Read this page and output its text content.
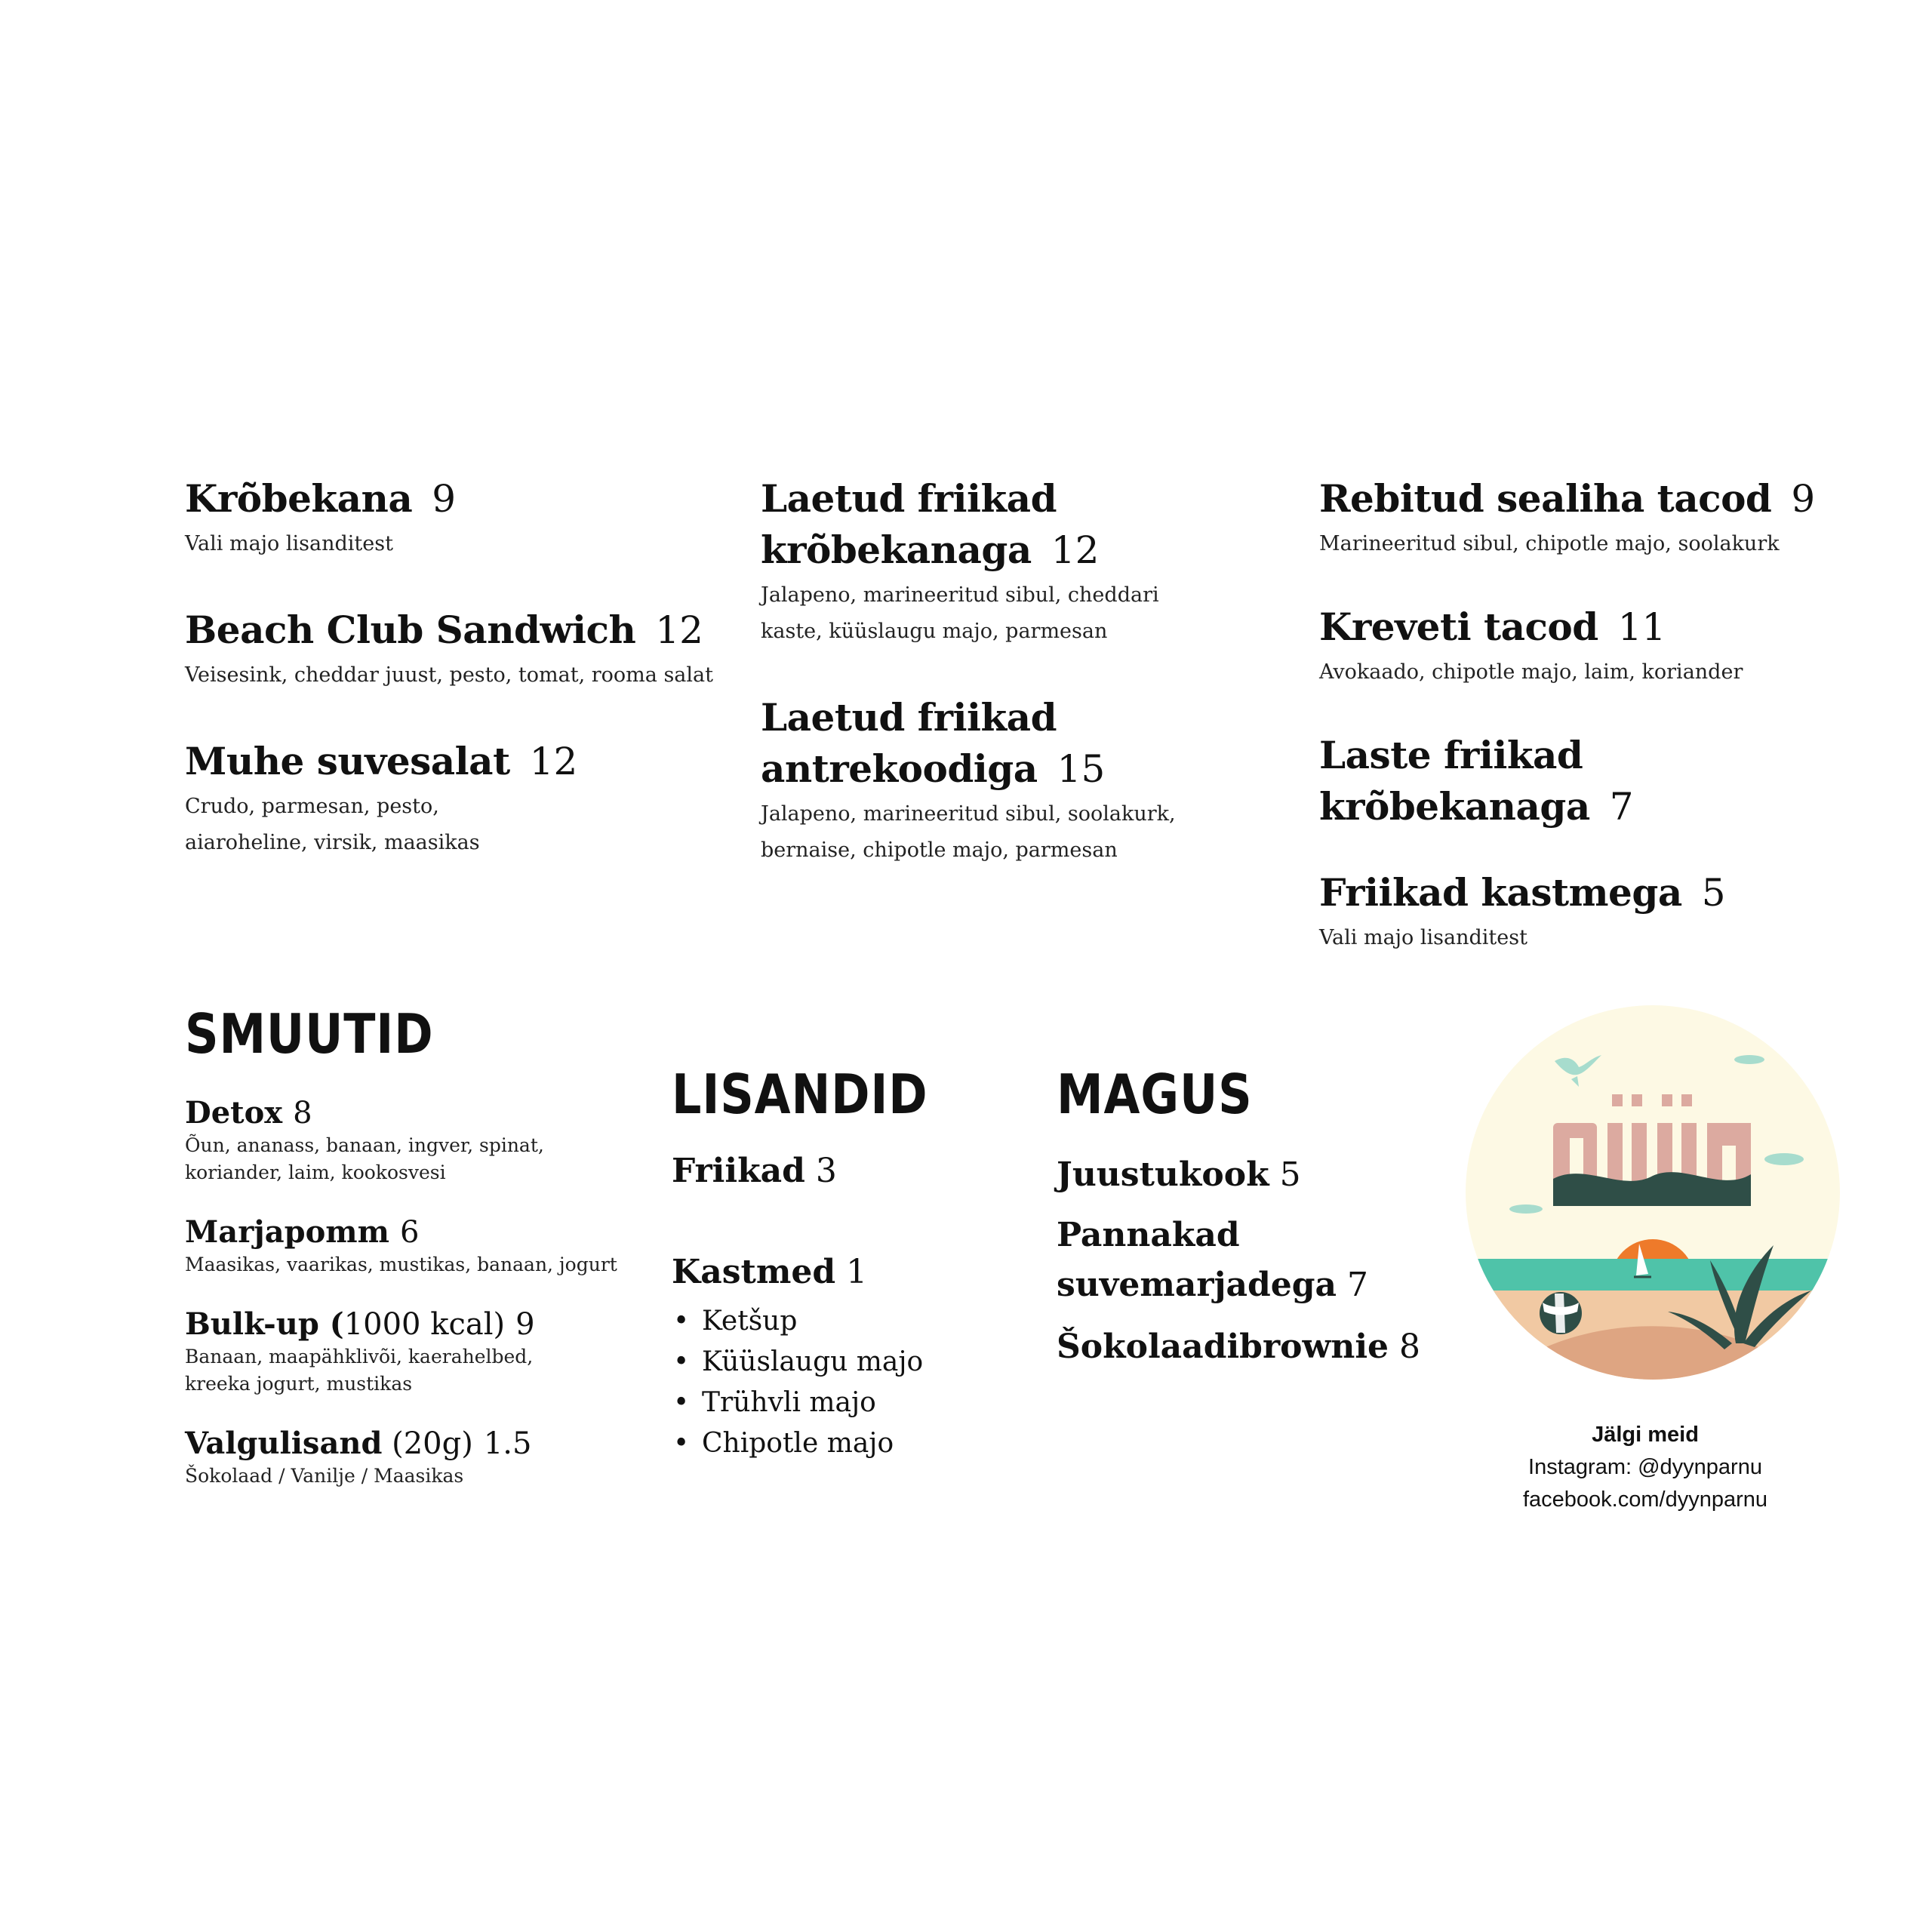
Krõbekana 9
Vali majo lisanditest
Beach Club Sandwich 12
Veisesink, cheddar juust, pesto, tomat, rooma salat
Muhe suvesalat 12
Crudo, parmesan, pesto,
aiaroheline, virsik, maasikas
Laetud friikad
krõbekanaga 12
Jalapeno, marineeritud sibul, cheddari
kaste, küüslaugu majo, parmesan
Laetud friikad
antrekoodiga 15
Jalapeno, marineeritud sibul, soolakurk,
bernaise, chipotle majo, parmesan
Rebitud sealiha tacod 9
Marineeritud sibul, chipotle majo, soolakurk
Kreveti tacod 11
Avokaado, chipotle majo, laim, koriander
Laste friikad krõbekanaga 7
Friikad kastmega 5
Vali majo lisanditest
SMUUTID
Detox 8
Õun, ananass, banaan, ingver, spinat,
koriander, laim, kookosvesi
Marjapomm 6
Maasikas, vaarikas, mustikas, banaan, jogurt
Bulk-up (1000 kcal) 9
Banaan, maapähklivõi, kaerahelbed,
kreeka jogurt, mustikas
Valgulisand (20g) 1.5
Šokolaad / Vanilje / Maasikas
LISANDID
Friikad 3
Kastmed 1
• Ketšup
• Küüslaugu majo
• Trühvli majo
• Chipotle majo
MAGUS
Juustukook 5
Pannakad
suvemarjadega 7
Šokolaadibrownie 8
Jälgi meid
Instagram: @dyynparnu
facebook.com/dyynparnu
